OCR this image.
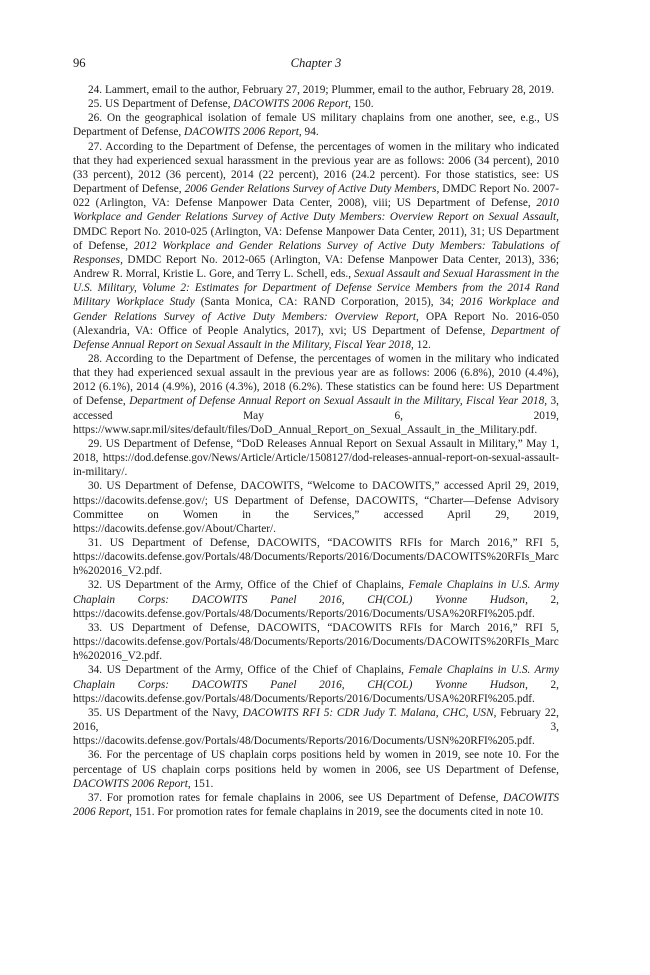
96	Chapter 3

24. Lammert, email to the author, February 27, 2019; Plummer, email to the author, February 28, 2019.

25. US Department of Defense, DACOWITS 2006 Report, 150.

26. On the geographical isolation of female US military chaplains from one another, see, e.g., US Department of Defense, DACOWITS 2006 Report, 94.

27. According to the Department of Defense, the percentages of women in the military who indicated that they had experienced sexual harassment in the previous year are as follows: 2006 (34 percent), 2010 (33 percent), 2012 (36 percent), 2014 (22 percent), 2016 (24.2 percent). For those statistics, see: US Department of Defense, 2006 Gender Relations Survey of Active Duty Members, DMDC Report No. 2007-022 (Arlington, VA: Defense Manpower Data Center, 2008), viii; US Department of Defense, 2010 Workplace and Gender Relations Survey of Active Duty Members: Overview Report on Sexual Assault, DMDC Report No. 2010-025 (Arlington, VA: Defense Manpower Data Center, 2011), 31; US Department of Defense, 2012 Workplace and Gender Relations Survey of Active Duty Members: Tabulations of Responses, DMDC Report No. 2012-065 (Arlington, VA: Defense Manpower Data Center, 2013), 336; Andrew R. Morral, Kristie L. Gore, and Terry L. Schell, eds., Sexual Assault and Sexual Harassment in the U.S. Military, Volume 2: Estimates for Department of Defense Service Members from the 2014 Rand Military Workplace Study (Santa Monica, CA: RAND Corporation, 2015), 34; 2016 Workplace and Gender Relations Survey of Active Duty Members: Overview Report, OPA Report No. 2016-050 (Alexandria, VA: Office of People Analytics, 2017), xvi; US Department of Defense, Department of Defense Annual Report on Sexual Assault in the Military, Fiscal Year 2018, 12.

28. According to the Department of Defense, the percentages of women in the military who indicated that they had experienced sexual assault in the previous year are as follows: 2006 (6.8%), 2010 (4.4%), 2012 (6.1%), 2014 (4.9%), 2016 (4.3%), 2018 (6.2%). These statistics can be found here: US Department of Defense, Department of Defense Annual Report on Sexual Assault in the Military, Fiscal Year 2018, 3, accessed May 6, 2019, https://www.sapr.mil/sites/default/files/DoD_Annual_Report_on_Sexual_Assault_in_the_Military.pdf.

29. US Department of Defense, “DoD Releases Annual Report on Sexual Assault in Military,” May 1, 2018, https://dod.defense.gov/News/Article/Article/1508127/dod-releases-annual-report-on-sexual-assault-in-military/.

30. US Department of Defense, DACOWITS, “Welcome to DACOWITS,” accessed April 29, 2019, https://dacowits.defense.gov/; US Department of Defense, DACOWITS, “Charter—Defense Advisory Committee on Women in the Services,” accessed April 29, 2019, https://dacowits.defense.gov/About/Charter/.

31. US Department of Defense, DACOWITS, “DACOWITS RFIs for March 2016,” RFI 5, https://dacowits.defense.gov/Portals/48/Documents/Reports/2016/Documents/DACOWITS%20RFIs_March%202016_V2.pdf.

32. US Department of the Army, Office of the Chief of Chaplains, Female Chaplains in U.S. Army Chaplain Corps: DACOWITS Panel 2016, CH(COL) Yvonne Hudson, 2, https://dacowits.defense.gov/Portals/48/Documents/Reports/2016/Documents/USA%20RFI%205.pdf.

33. US Department of Defense, DACOWITS, “DACOWITS RFIs for March 2016,” RFI 5, https://dacowits.defense.gov/Portals/48/Documents/Reports/2016/Documents/DACOWITS%20RFIs_March%202016_V2.pdf.

34. US Department of the Army, Office of the Chief of Chaplains, Female Chaplains in U.S. Army Chaplain Corps: DACOWITS Panel 2016, CH(COL) Yvonne Hudson, 2, https://dacowits.defense.gov/Portals/48/Documents/Reports/2016/Documents/USA%20RFI%205.pdf.

35. US Department of the Navy, DACOWITS RFI 5: CDR Judy T. Malana, CHC, USN, February 22, 2016, 3, https://dacowits.defense.gov/Portals/48/Documents/Reports/2016/Documents/USN%20RFI%205.pdf.

36. For the percentage of US chaplain corps positions held by women in 2019, see note 10. For the percentage of US chaplain corps positions held by women in 2006, see US Department of Defense, DACOWITS 2006 Report, 151.

37. For promotion rates for female chaplains in 2006, see US Department of Defense, DACOWITS 2006 Report, 151. For promotion rates for female chaplains in 2019, see the documents cited in note 10.
